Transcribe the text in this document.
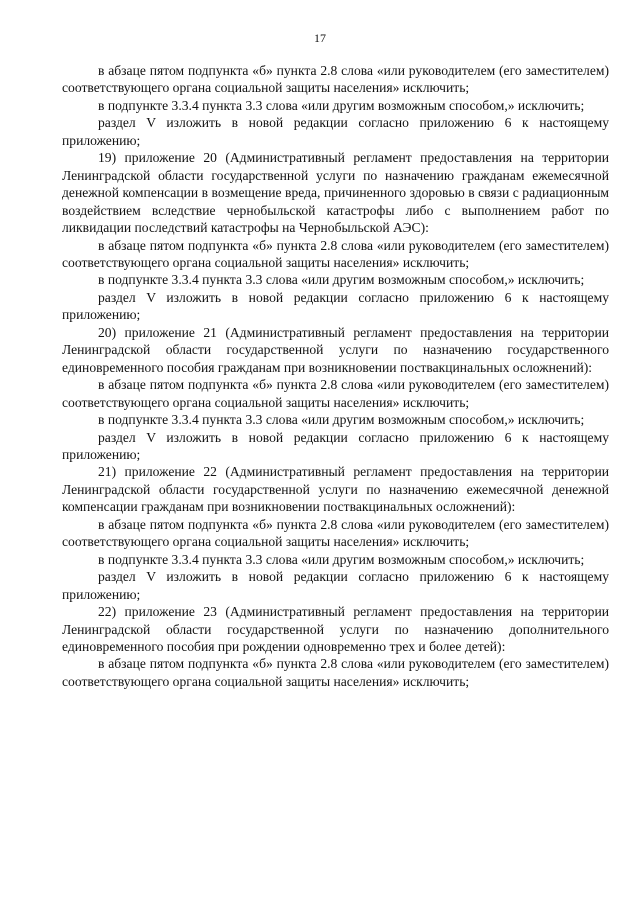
17

в абзаце пятом подпункта «б» пункта 2.8 слова «или руководителем (его заместителем) соответствующего органа социальной защиты населения» исключить;

в подпункте 3.3.4 пункта 3.3 слова «или другим возможным способом,» исключить;

раздел V изложить в новой редакции согласно приложению 6 к настоящему приложению;

19) приложение 20 (Административный регламент предоставления на территории Ленинградской области государственной услуги по назначению гражданам ежемесячной денежной компенсации в возмещение вреда, причиненного здоровью в связи с радиационным воздействием вследствие чернобыльской катастрофы либо с выполнением работ по ликвидации последствий катастрофы на Чернобыльской АЭС):

в абзаце пятом подпункта «б» пункта 2.8 слова «или руководителем (его заместителем) соответствующего органа социальной защиты населения» исключить;

в подпункте 3.3.4 пункта 3.3 слова «или другим возможным способом,» исключить;

раздел V изложить в новой редакции согласно приложению 6 к настоящему приложению;

20) приложение 21 (Административный регламент предоставления на территории Ленинградской области государственной услуги по назначению государственного единовременного пособия гражданам при возникновении поствакцинальных осложнений):

в абзаце пятом подпункта «б» пункта 2.8 слова «или руководителем (его заместителем) соответствующего органа социальной защиты населения» исключить;

в подпункте 3.3.4 пункта 3.3 слова «или другим возможным способом,» исключить;

раздел V изложить в новой редакции согласно приложению 6 к настоящему приложению;

21) приложение 22 (Административный регламент предоставления на территории Ленинградской области государственной услуги по назначению ежемесячной денежной компенсации гражданам при возникновении поствакцинальных осложнений):

в абзаце пятом подпункта «б» пункта 2.8 слова «или руководителем (его заместителем) соответствующего органа социальной защиты населения» исключить;

в подпункте 3.3.4 пункта 3.3 слова «или другим возможным способом,» исключить;

раздел V изложить в новой редакции согласно приложению 6 к настоящему приложению;

22) приложение 23 (Административный регламент предоставления на территории Ленинградской области государственной услуги по назначению дополнительного единовременного пособия при рождении одновременно трех и более детей):

в абзаце пятом подпункта «б» пункта 2.8 слова «или руководителем (его заместителем) соответствующего органа социальной защиты населения» исключить;
